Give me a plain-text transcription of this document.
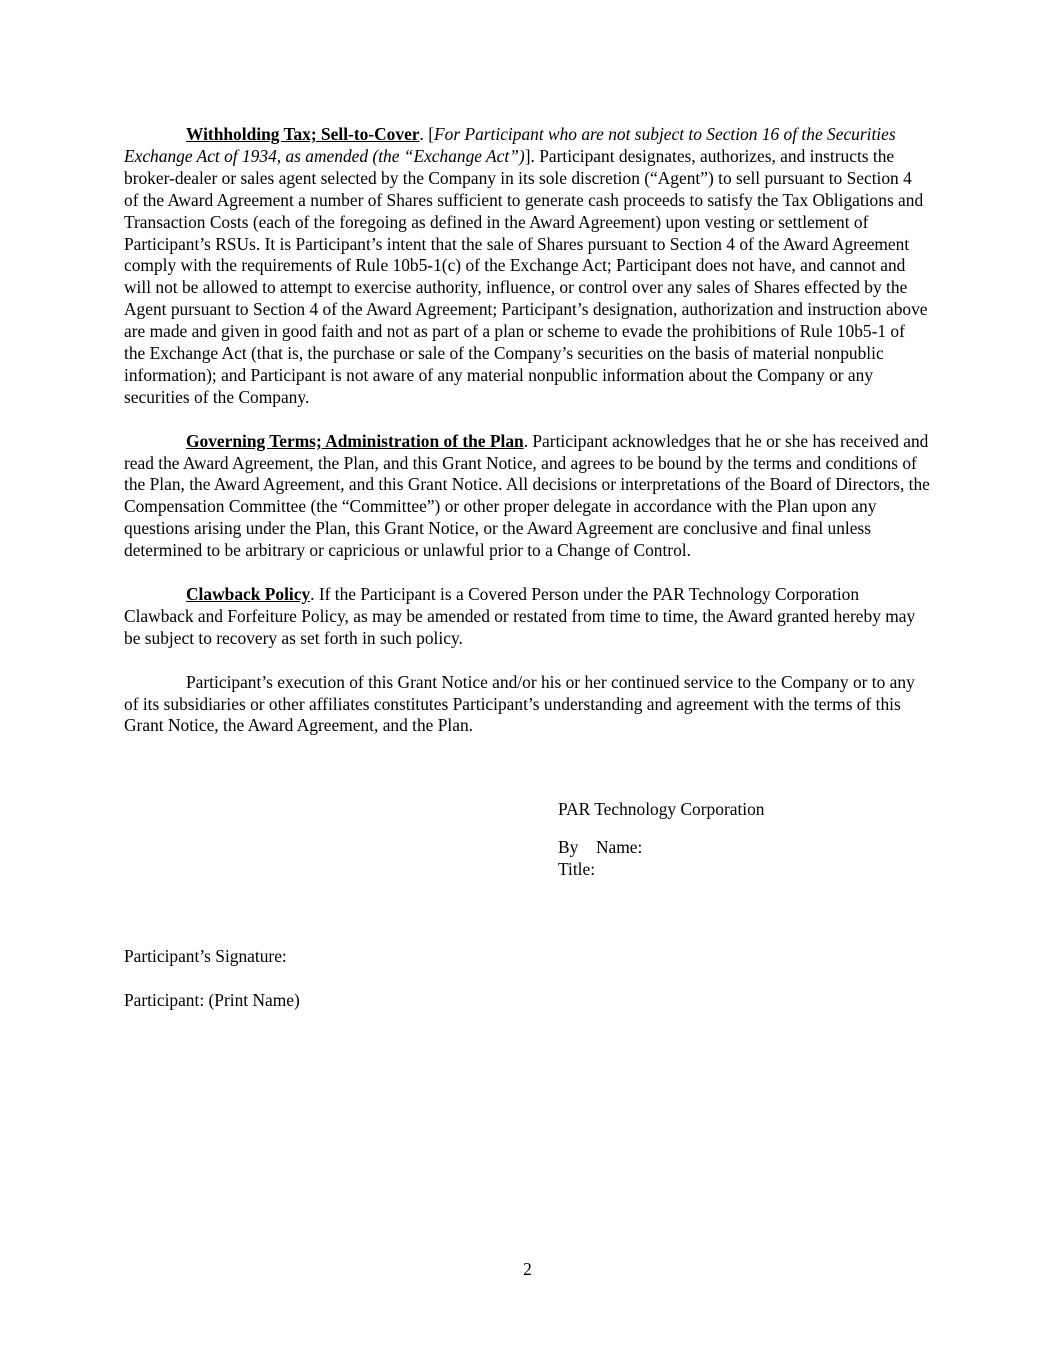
Withholding Tax; Sell-to-Cover. [For Participant who are not subject to Section 16 of the Securities Exchange Act of 1934, as amended (the “Exchange Act”)]. Participant designates, authorizes, and instructs the broker-dealer or sales agent selected by the Company in its sole discretion (“Agent”) to sell pursuant to Section 4 of the Award Agreement a number of Shares sufficient to generate cash proceeds to satisfy the Tax Obligations and Transaction Costs (each of the foregoing as defined in the Award Agreement) upon vesting or settlement of Participant’s RSUs. It is Participant’s intent that the sale of Shares pursuant to Section 4 of the Award Agreement comply with the requirements of Rule 10b5-1(c) of the Exchange Act; Participant does not have, and cannot and will not be allowed to attempt to exercise authority, influence, or control over any sales of Shares effected by the Agent pursuant to Section 4 of the Award Agreement; Participant’s designation, authorization and instruction above are made and given in good faith and not as part of a plan or scheme to evade the prohibitions of Rule 10b5-1 of the Exchange Act (that is, the purchase or sale of the Company’s securities on the basis of material nonpublic information); and Participant is not aware of any material nonpublic information about the Company or any securities of the Company.

Governing Terms; Administration of the Plan. Participant acknowledges that he or she has received and read the Award Agreement, the Plan, and this Grant Notice, and agrees to be bound by the terms and conditions of the Plan, the Award Agreement, and this Grant Notice. All decisions or interpretations of the Board of Directors, the Compensation Committee (the “Committee”) or other proper delegate in accordance with the Plan upon any questions arising under the Plan, this Grant Notice, or the Award Agreement are conclusive and final unless determined to be arbitrary or capricious or unlawful prior to a Change of Control.

Clawback Policy. If the Participant is a Covered Person under the PAR Technology Corporation Clawback and Forfeiture Policy, as may be amended or restated from time to time, the Award granted hereby may be subject to recovery as set forth in such policy.

Participant’s execution of this Grant Notice and/or his or her continued service to the Company or to any of its subsidiaries or other affiliates constitutes Participant’s understanding and agreement with the terms of this Grant Notice, the Award Agreement, and the Plan.

PAR Technology Corporation

By Name:

Title:

Participant’s Signature:

Participant: (Print Name)

2
